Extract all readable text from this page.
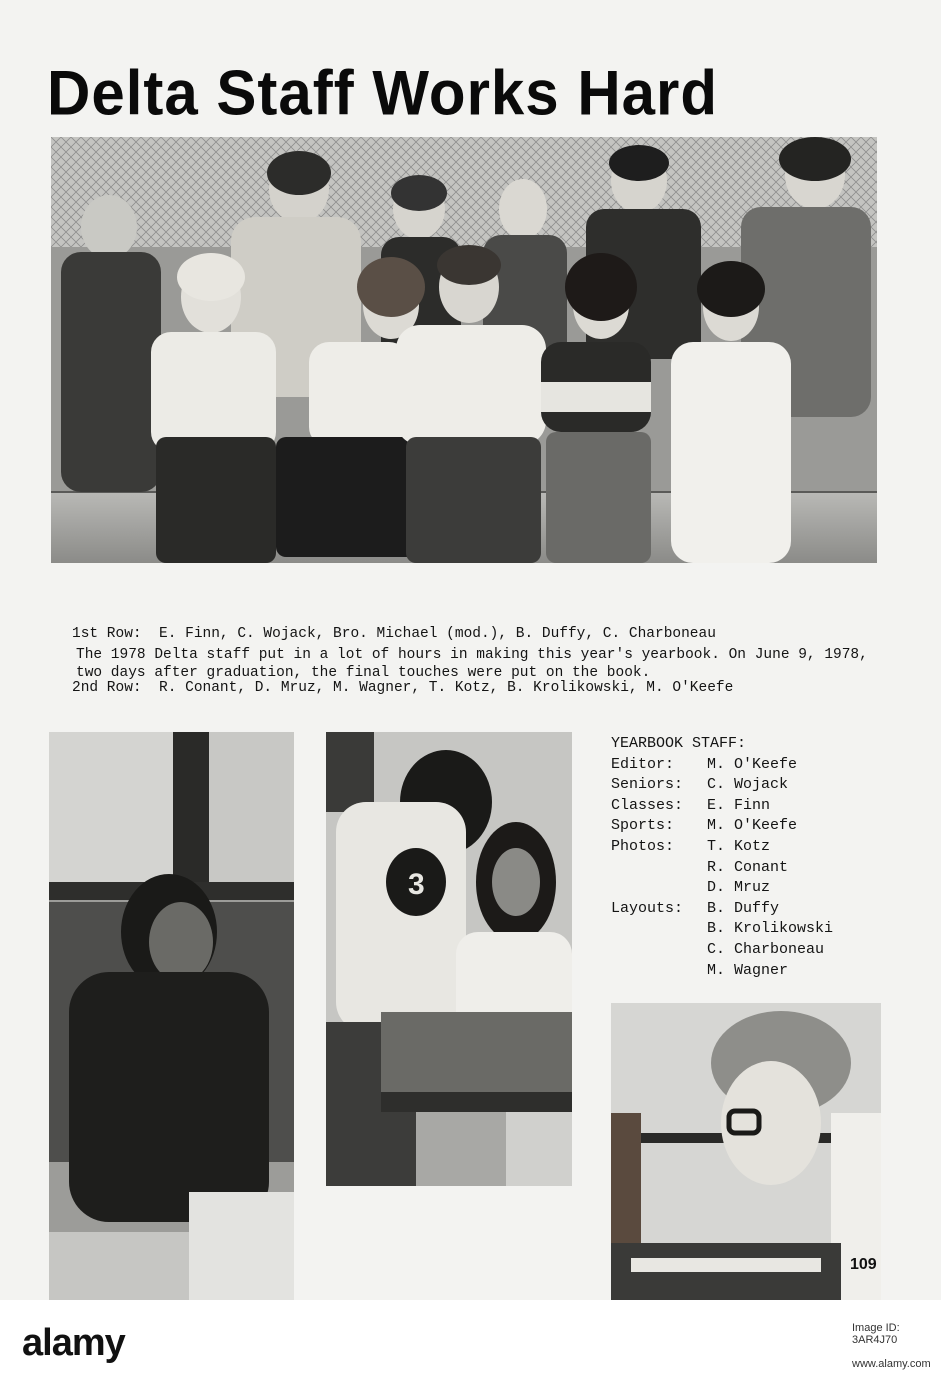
Delta Staff Works Hard

1st Row:  E. Finn, C. Wojack, Bro. Michael (mod.), B. Duffy, C. Charboneau

2nd Row:  R. Conant, D. Mruz, M. Wagner, T. Kotz, B. Krolikowski, M. O'Keefe

The 1978 Delta staff put in a lot of hours in making this year's yearbook. On June 9, 1978, two days after graduation, the final touches were put on the book.

3
YEARBOOK STAFF:
Editor: M. O'Keefe
Seniors: C. Wojack
Classes: E. Finn
Sports: M. O'Keefe
Photos: T. Kotz
R. Conant
D. Mruz
Layouts: B. Duffy
B. Krolikowski
C. Charboneau
M. Wagner
109
alamy	Image ID: 3AR4J70
www.alamy.com
